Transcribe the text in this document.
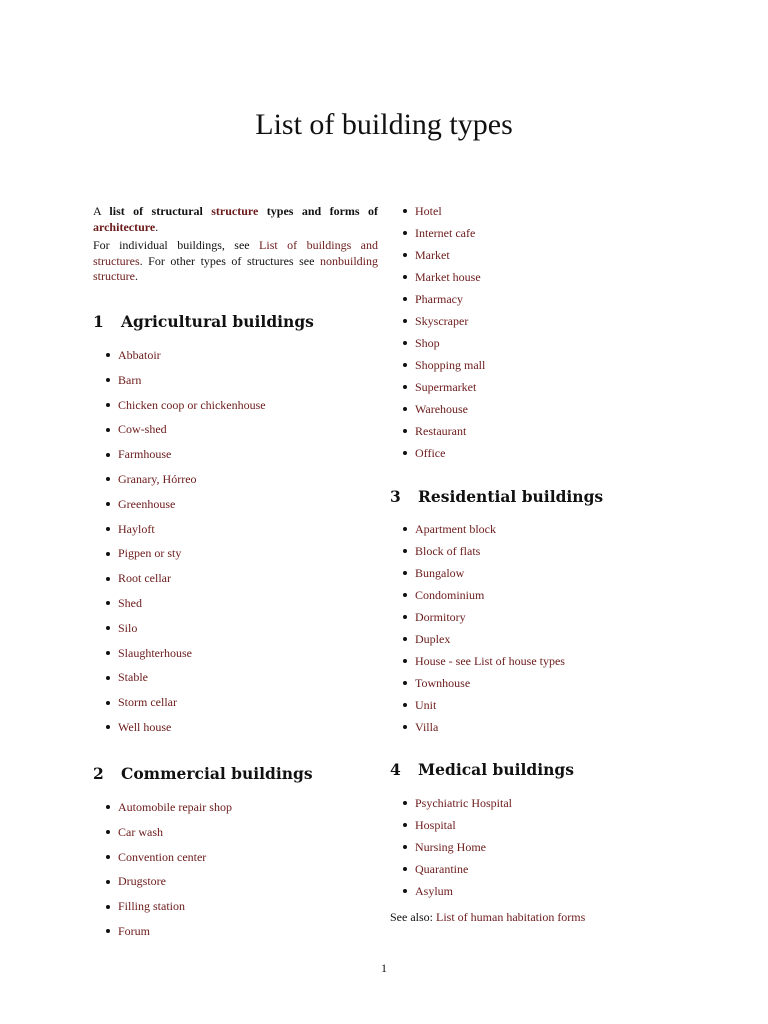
List of building types

A list of structural structure types and forms of architecture.

For individual buildings, see List of buildings and structures. For other types of structures see nonbuilding structure.

1 Agricultural buildings
Abbatoir
Barn
Chicken coop or chickenhouse
Cow-shed
Farmhouse
Granary, Hórreo
Greenhouse
Hayloft
Pigpen or sty
Root cellar
Shed
Silo
Slaughterhouse
Stable
Storm cellar
Well house
2 Commercial buildings
Automobile repair shop
Car wash
Convention center
Drugstore
Filling station
Forum
Hotel
Internet cafe
Market
Market house
Pharmacy
Skyscraper
Shop
Shopping mall
Supermarket
Warehouse
Restaurant
Office
3 Residential buildings
Apartment block
Block of flats
Bungalow
Condominium
Dormitory
Duplex
House - see List of house types
Townhouse
Unit
Villa
4 Medical buildings
Psychiatric Hospital
Hospital
Nursing Home
Quarantine
Asylum

See also: List of human habitation forms

1
